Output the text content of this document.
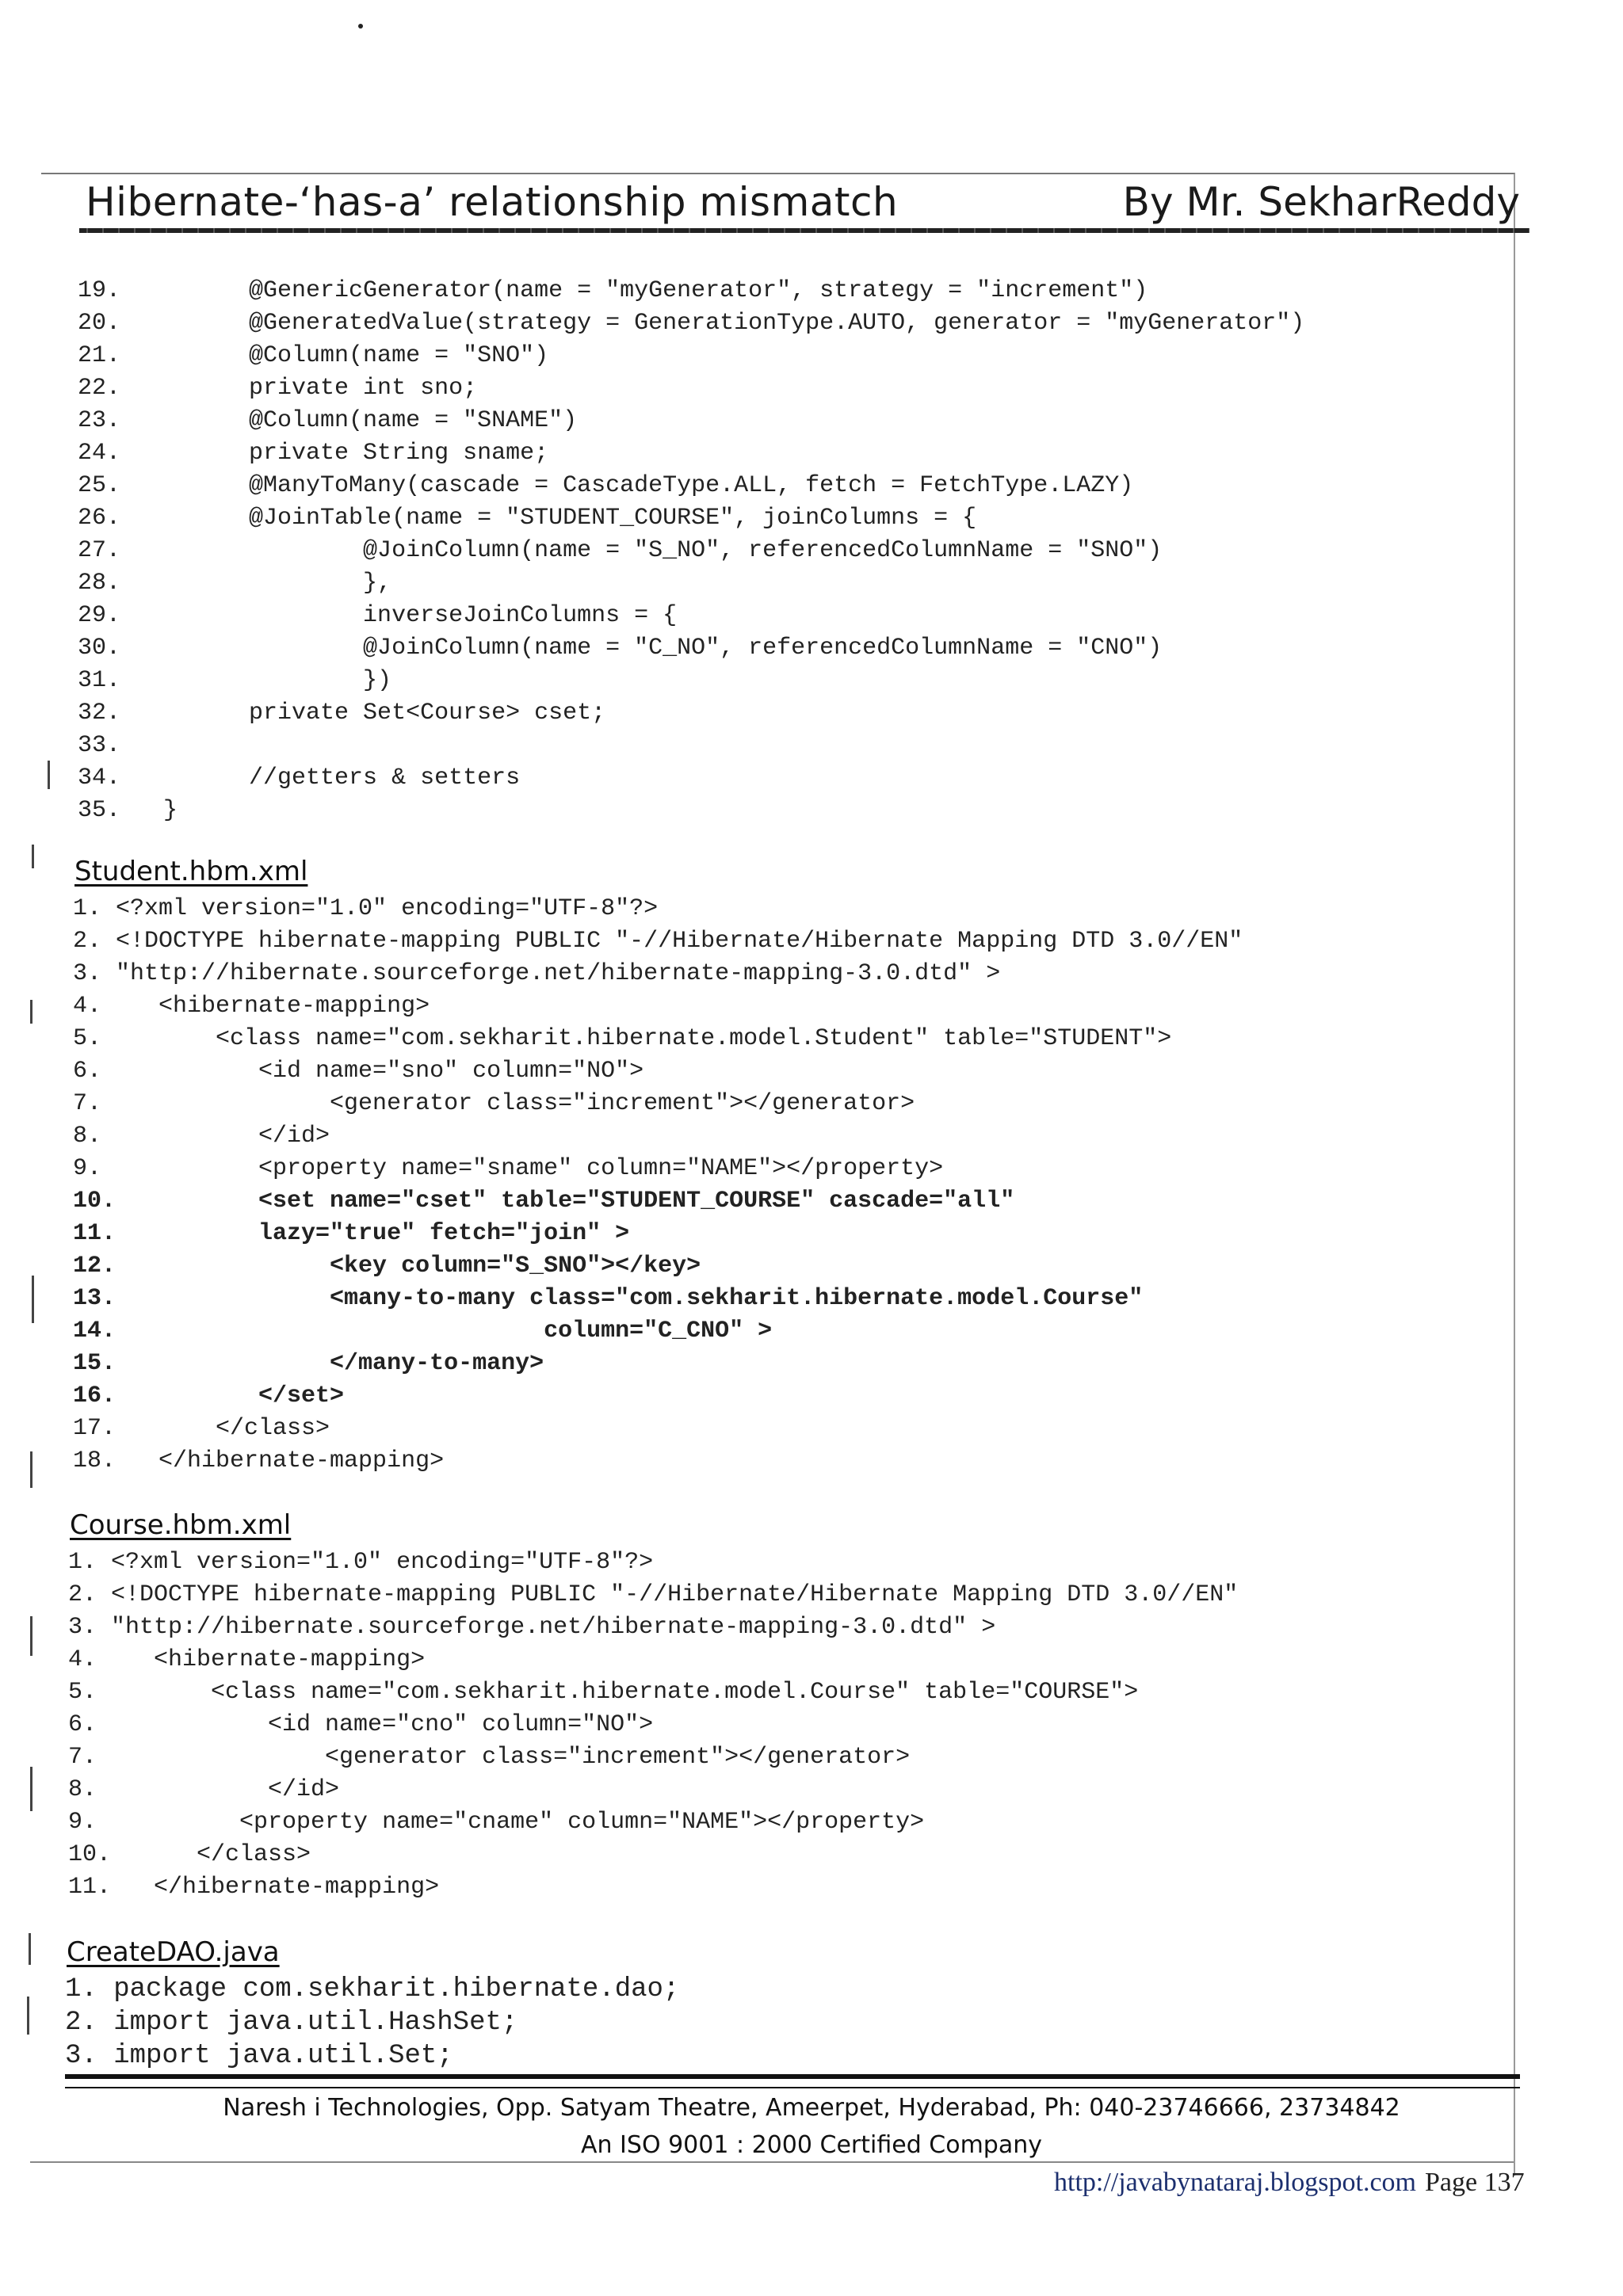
Hibernate-‘has-a’ relationship mismatch	By Mr. SekharReddy
19.         @GenericGenerator(name = "myGenerator", strategy = "increment")
20.         @GeneratedValue(strategy = GenerationType.AUTO, generator = "myGenerator")
21.         @Column(name = "SNO")
22.         private int sno;
23.         @Column(name = "SNAME")
24.         private String sname;
25.         @ManyToMany(cascade = CascadeType.ALL, fetch = FetchType.LAZY)
26.         @JoinTable(name = "STUDENT_COURSE", joinColumns = {
27.                 @JoinColumn(name = "S_NO", referencedColumnName = "SNO")
28.                 },
29.                 inverseJoinColumns = {
30.                 @JoinColumn(name = "C_NO", referencedColumnName = "CNO")
31.                 })
32.         private Set<Course> cset;
33.
34.         //getters & setters
35.   }
Student.hbm.xml
1. <?xml version="1.0" encoding="UTF-8"?>
2. <!DOCTYPE hibernate-mapping PUBLIC "-//Hibernate/Hibernate Mapping DTD 3.0//EN"
3. "http://hibernate.sourceforge.net/hibernate-mapping-3.0.dtd" >
4.    <hibernate-mapping>
5.        <class name="com.sekharit.hibernate.model.Student" table="STUDENT">
6.           <id name="sno" column="NO">
7.                <generator class="increment"></generator>
8.           </id>
9.           <property name="sname" column="NAME"></property>
10.          <set name="cset" table="STUDENT_COURSE" cascade="all"
11.          lazy="true" fetch="join" >
12.               <key column="S_SNO"></key>
13.               <many-to-many class="com.sekharit.hibernate.model.Course"
14.                              column="C_CNO" >
15.               </many-to-many>
16.          </set>
17.       </class>
18.   </hibernate-mapping>
Course.hbm.xml
1. <?xml version="1.0" encoding="UTF-8"?>
2. <!DOCTYPE hibernate-mapping PUBLIC "-//Hibernate/Hibernate Mapping DTD 3.0//EN"
3. "http://hibernate.sourceforge.net/hibernate-mapping-3.0.dtd" >
4.    <hibernate-mapping>
5.        <class name="com.sekharit.hibernate.model.Course" table="COURSE">
6.            <id name="cno" column="NO">
7.                <generator class="increment"></generator>
8.            </id>
9.          <property name="cname" column="NAME"></property>
10.      </class>
11.   </hibernate-mapping>
CreateDAO.java
1. package com.sekharit.hibernate.dao;
2. import java.util.HashSet;
3. import java.util.Set;
Naresh i Technologies, Opp. Satyam Theatre, Ameerpet, Hyderabad, Ph: 040-23746666, 23734842
An ISO 9001 : 2000 Certified Company
http://javabynataraj.blogspot.com Page 137
